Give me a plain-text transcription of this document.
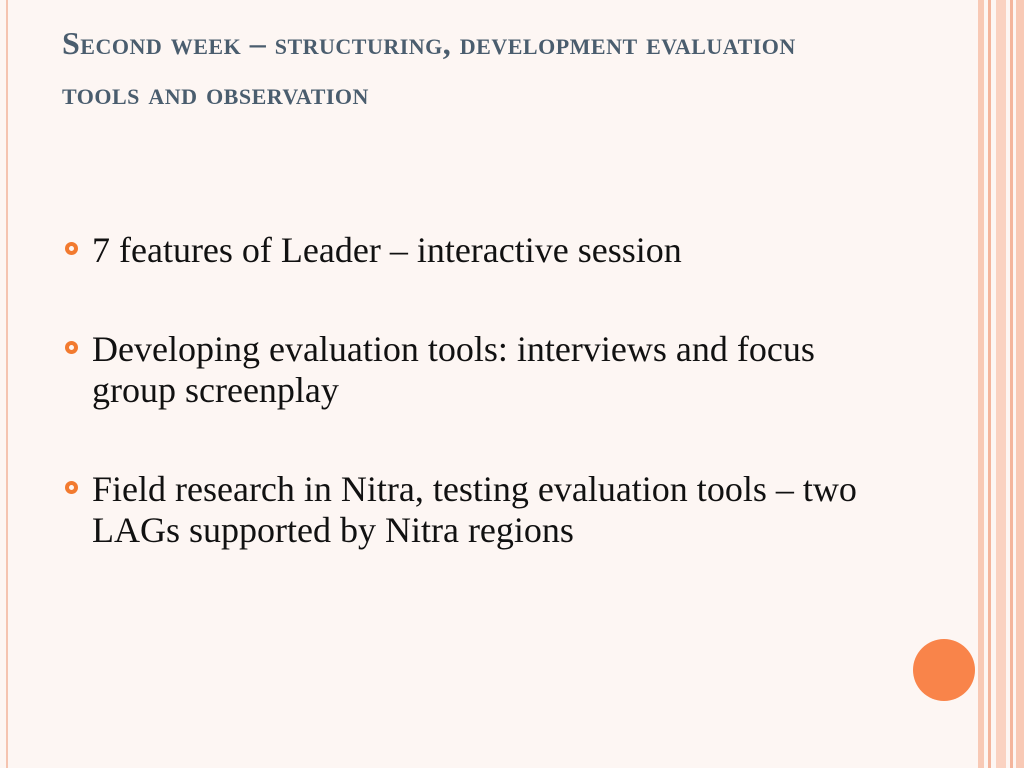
Second week – structuring, development evaluation tools and observation
7 features of Leader – interactive session
Developing evaluation tools: interviews and focus group screenplay
Field research in Nitra, testing evaluation tools – two LAGs supported by Nitra regions
